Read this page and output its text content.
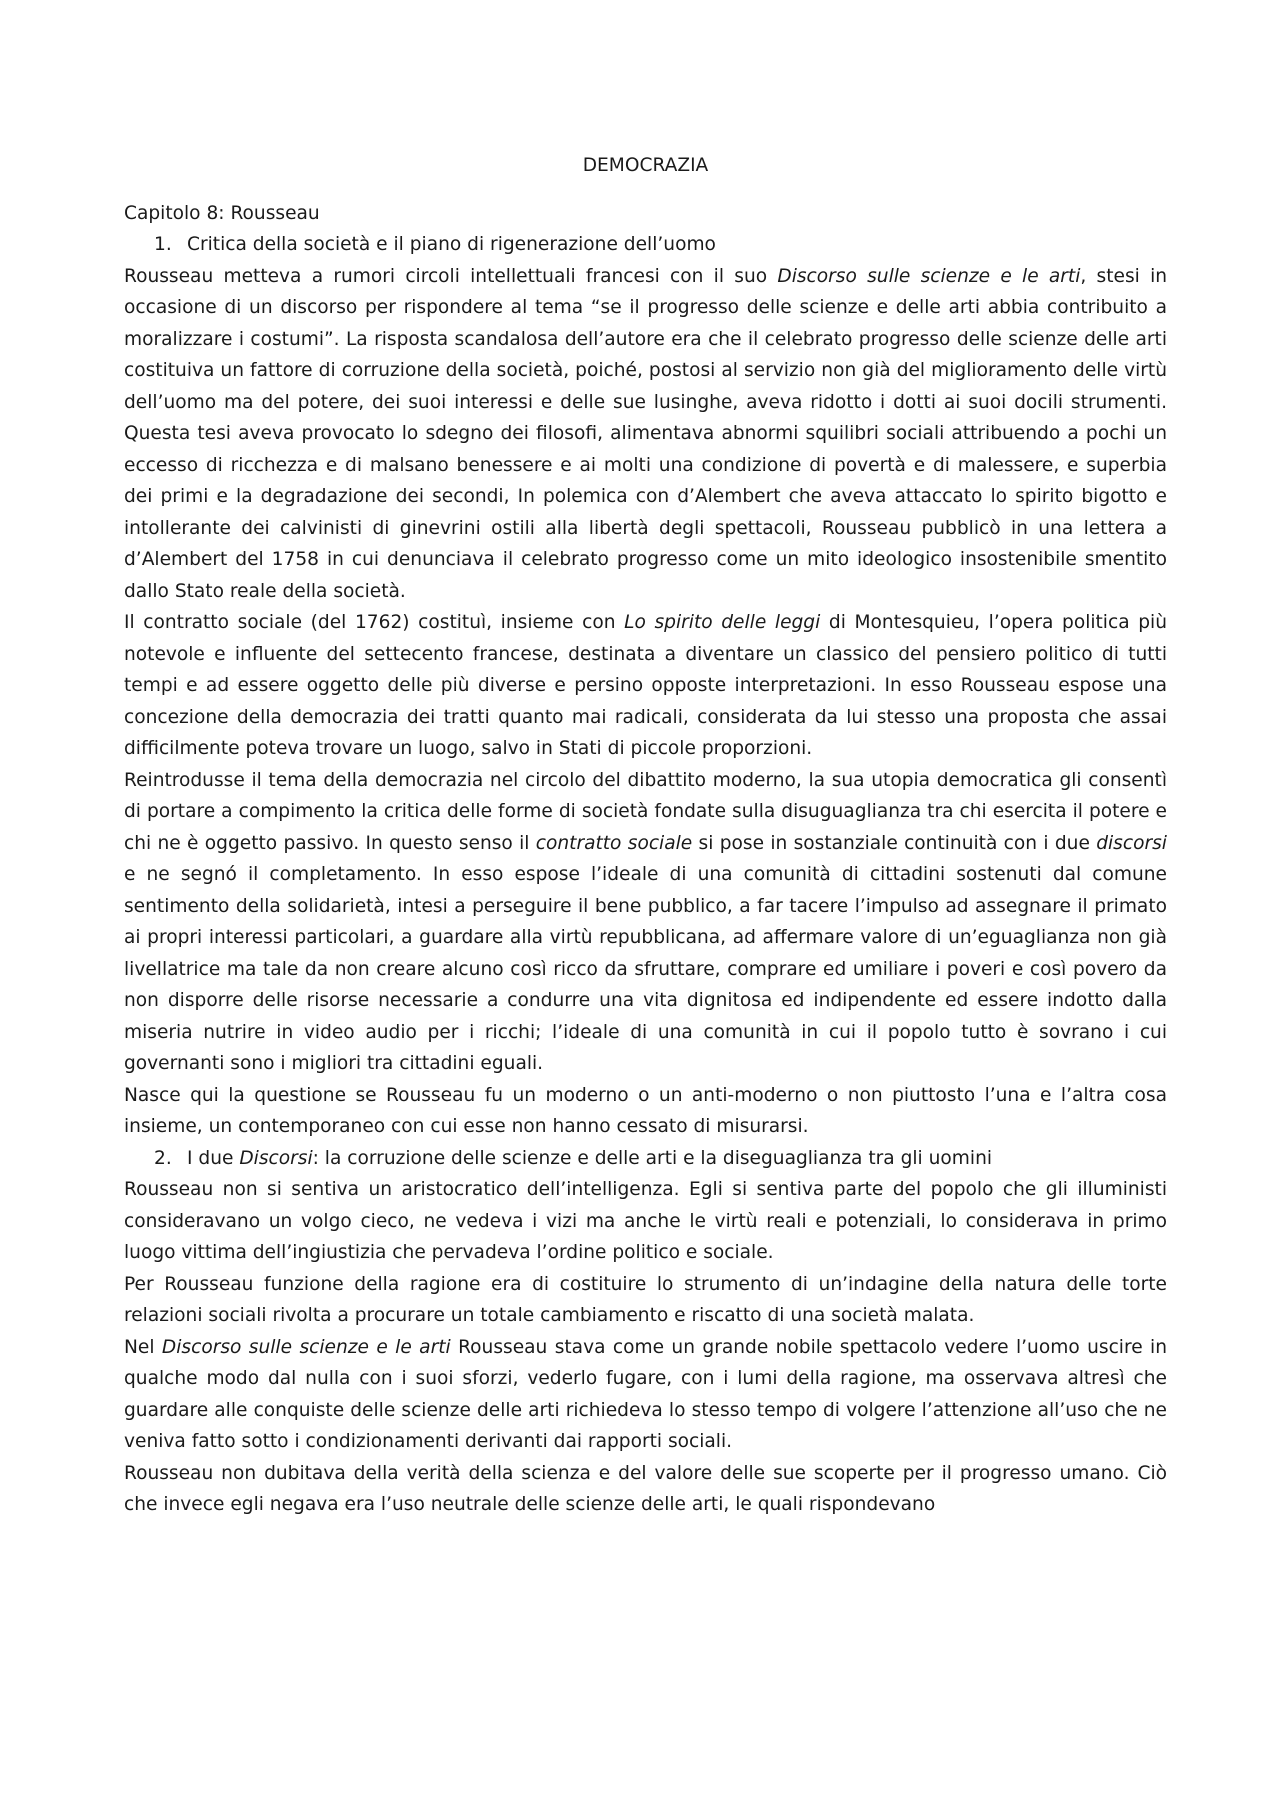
DEMOCRAZIA

Capitolo 8: Rousseau

1. Critica della società e il piano di rigenerazione dell’uomo

Rousseau metteva a rumori circoli intellettuali francesi con il suo Discorso sulle scienze e le arti, stesi in occasione di un discorso per rispondere al tema “se il progresso delle scienze e delle arti abbia contribuito a moralizzare i costumi”. La risposta scandalosa dell’autore era che il celebrato progresso delle scienze delle arti costituiva un fattore di corruzione della società, poiché, postosi al servizio non già del miglioramento delle virtù dell’uomo ma del potere, dei suoi interessi e delle sue lusinghe, aveva ridotto i dotti ai suoi docili strumenti. Questa tesi aveva provocato lo sdegno dei filosofi, alimentava abnormi squilibri sociali attribuendo a pochi un eccesso di ricchezza e di malsano benessere e ai molti una condizione di povertà e di malessere, e superbia dei primi e la degradazione dei secondi, In polemica con d’Alembert che aveva attaccato lo spirito bigotto e intollerante dei calvinisti di ginevrini ostili alla libertà degli spettacoli, Rousseau pubblicò in una lettera a d’Alembert del 1758 in cui denunciava il celebrato progresso come un mito ideologico insostenibile smentito dallo Stato reale della società.

Il contratto sociale (del 1762) costituì, insieme con Lo spirito delle leggi di Montesquieu, l’opera politica più notevole e influente del settecento francese, destinata a diventare un classico del pensiero politico di tutti tempi e ad essere oggetto delle più diverse e persino opposte interpretazioni. In esso Rousseau espose una concezione della democrazia dei tratti quanto mai radicali, considerata da lui stesso una proposta che assai difficilmente poteva trovare un luogo, salvo in Stati di piccole proporzioni.

Reintrodusse il tema della democrazia nel circolo del dibattito moderno, la sua utopia democratica gli consentì di portare a compimento la critica delle forme di società fondate sulla disuguaglianza tra chi esercita il potere e chi ne è oggetto passivo. In questo senso il contratto sociale si pose in sostanziale continuità con i due discorsi e ne segnó il completamento. In esso espose l’ideale di una comunità di cittadini sostenuti dal comune sentimento della solidarietà, intesi a perseguire il bene pubblico, a far tacere l’impulso ad assegnare il primato ai propri interessi particolari, a guardare alla virtù repubblicana, ad affermare valore di un’eguaglianza non già livellatrice ma tale da non creare alcuno così ricco da sfruttare, comprare ed umiliare i poveri e così povero da non disporre delle risorse necessarie a condurre una vita dignitosa ed indipendente ed essere indotto dalla miseria nutrire in video audio per i ricchi; l’ideale di una comunità in cui il popolo tutto è sovrano i cui governanti sono i migliori tra cittadini eguali.

Nasce qui la questione se Rousseau fu un moderno o un anti-moderno o non piuttosto l’una e l’altra cosa insieme, un contemporaneo con cui esse non hanno cessato di misurarsi.

2. I due Discorsi: la corruzione delle scienze e delle arti e la diseguaglianza tra gli uomini

Rousseau non si sentiva un aristocratico dell’intelligenza. Egli si sentiva parte del popolo che gli illuministi consideravano un volgo cieco, ne vedeva i vizi ma anche le virtù reali e potenziali, lo considerava in primo luogo vittima dell’ingiustizia che pervadeva l’ordine politico e sociale.

Per Rousseau funzione della ragione era di costituire lo strumento di un’indagine della natura delle torte relazioni sociali rivolta a procurare un totale cambiamento e riscatto di una società malata.

Nel Discorso sulle scienze e le arti Rousseau stava come un grande nobile spettacolo vedere l’uomo uscire in qualche modo dal nulla con i suoi sforzi, vederlo fugare, con i lumi della ragione, ma osservava altresì che guardare alle conquiste delle scienze delle arti richiedeva lo stesso tempo di volgere l’attenzione all’uso che ne veniva fatto sotto i condizionamenti derivanti dai rapporti sociali.

Rousseau non dubitava della verità della scienza e del valore delle sue scoperte per il progresso umano. Ciò che invece egli negava era l’uso neutrale delle scienze delle arti, le quali rispondevano
